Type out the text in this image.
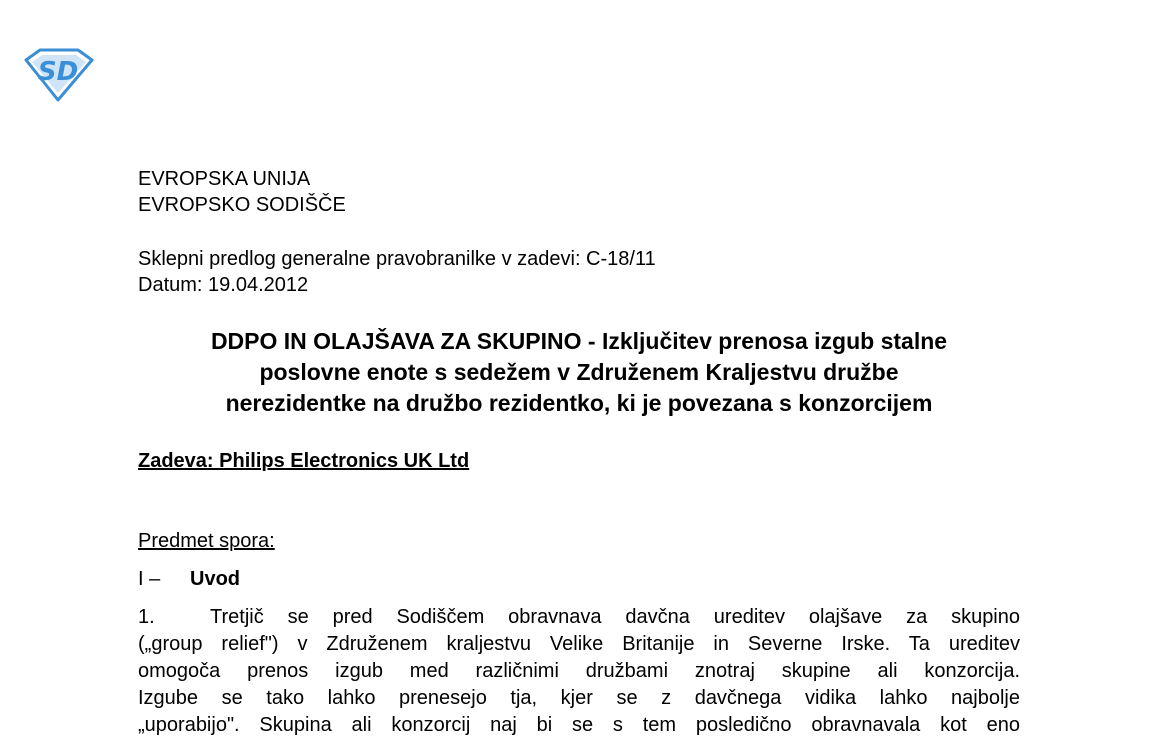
SD
EVROPSKA UNIJA
EVROPSKO SODIŠČE
Sklepni predlog generalne pravobranilke v zadevi: C-18/11
Datum: 19.04.2012
DDPO IN OLAJŠAVA ZA SKUPINO - Izključitev prenosa izgub stalne
poslovne enote s sedežem v Združenem Kraljestvu družbe
nerezidentke na družbo rezidentko, ki je povezana s konzorcijem
Zadeva: Philips Electronics UK Ltd
Predmet spora:
I – Uvod
1.	Tretjič se pred Sodiščem obravnava davčna ureditev olajšave za skupino
(„group relief") v Združenem kraljestvu Velike Britanije in Severne Irske. Ta ureditev
omogoča prenos izgub med različnimi družbami znotraj skupine ali konzorcija.
Izgube se tako lahko prenesejo tja, kjer se z davčnega vidika lahko najbolje
„uporabijo". Skupina ali konzorcij naj bi se s tem posledično obravnavala kot eno
